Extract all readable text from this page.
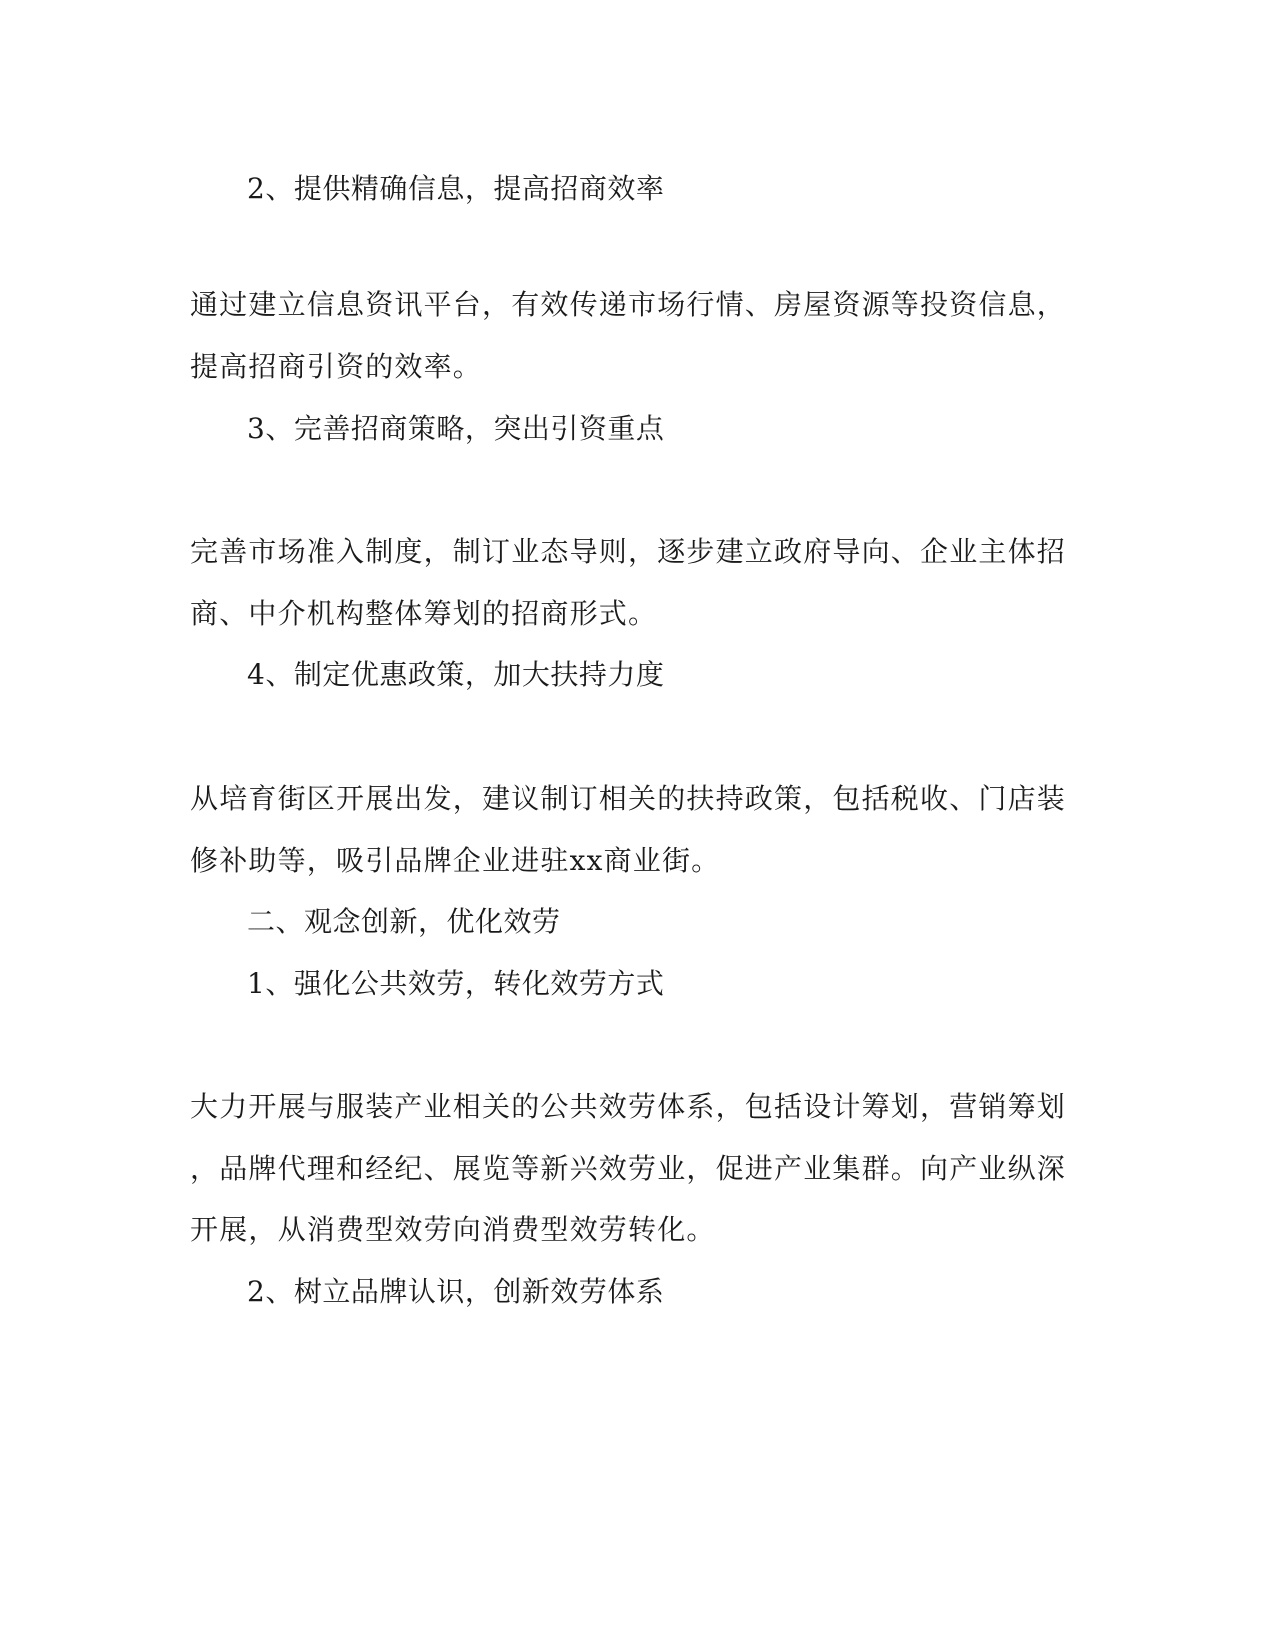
2、提供精确信息，提高招商效率
通过建立信息资讯平台，有效传递市场行情、房屋资源等投资信息，
提高招商引资的效率。
3、完善招商策略，突出引资重点
完善市场准入制度，制订业态导则，逐步建立政府导向、企业主体招
商、中介机构整体筹划的招商形式。
4、制定优惠政策，加大扶持力度
从培育街区开展出发，建议制订相关的扶持政策，包括税收、门店装
修补助等，吸引品牌企业进驻xx商业街。
二、观念创新，优化效劳
1、强化公共效劳，转化效劳方式
大力开展与服装产业相关的公共效劳体系，包括设计筹划，营销筹划
，品牌代理和经纪、展览等新兴效劳业，促进产业集群。向产业纵深
开展，从消费型效劳向消费型效劳转化。
2、树立品牌认识，创新效劳体系
